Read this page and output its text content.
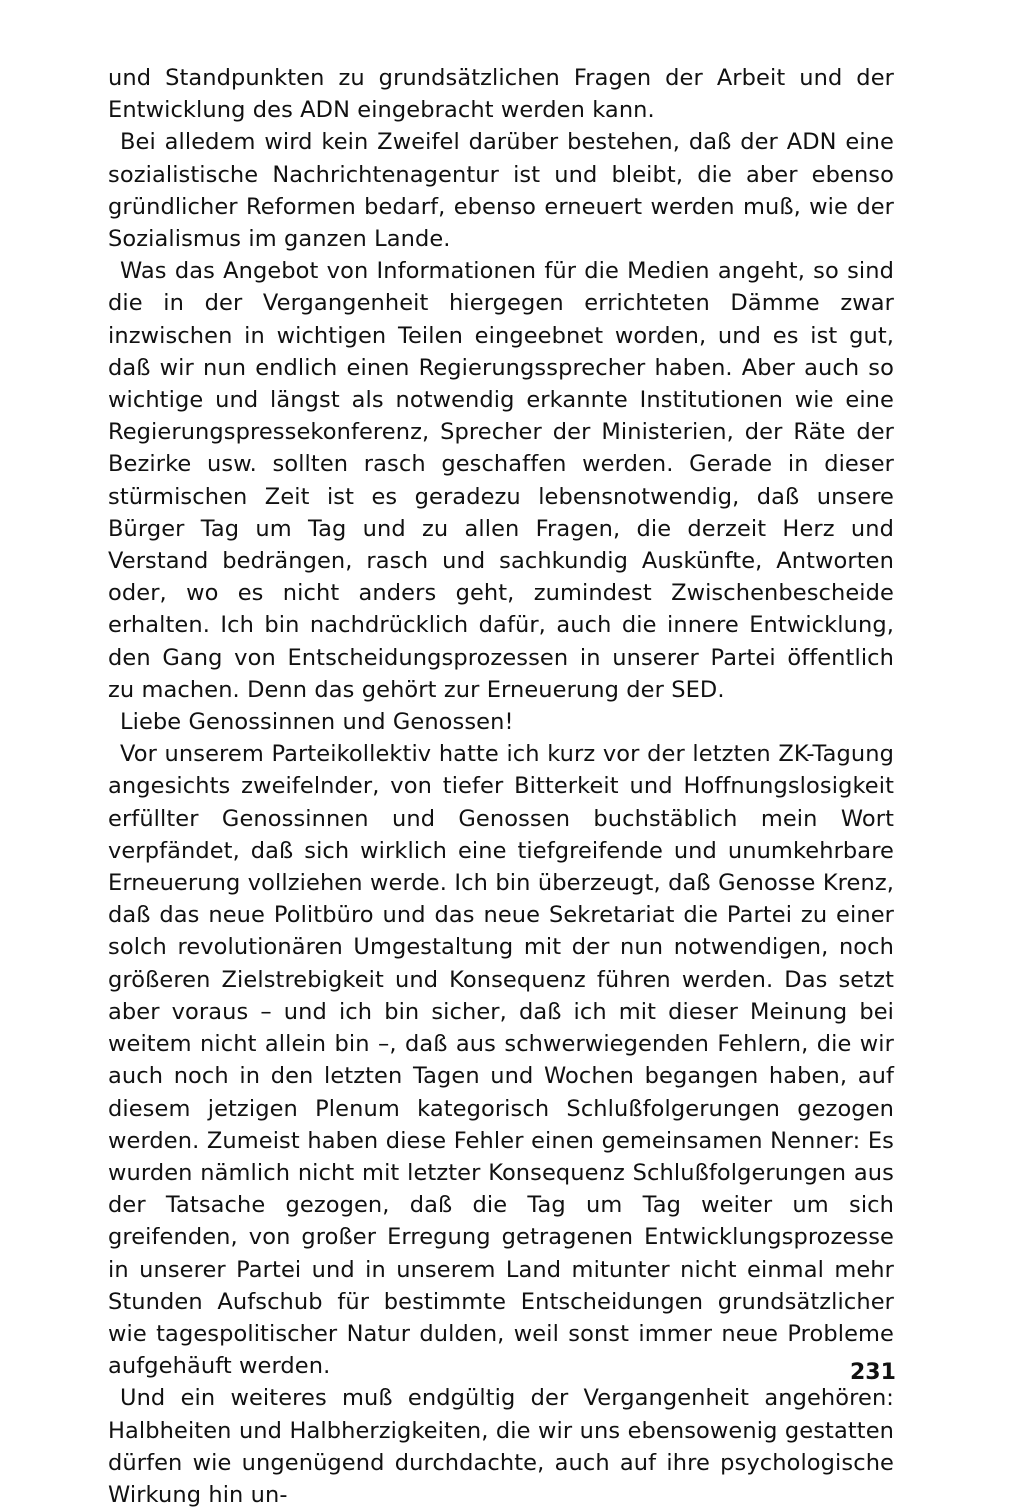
und Standpunkten zu grundsätzlichen Fragen der Arbeit und der Entwicklung des ADN eingebracht werden kann.

Bei alledem wird kein Zweifel darüber bestehen, daß der ADN eine sozialistische Nachrichtenagentur ist und bleibt, die aber ebenso gründlicher Reformen bedarf, ebenso erneuert werden muß, wie der Sozialismus im ganzen Lande.

Was das Angebot von Informationen für die Medien angeht, so sind die in der Vergangenheit hiergegen errichteten Dämme zwar inzwischen in wichtigen Teilen eingeebnet worden, und es ist gut, daß wir nun endlich einen Regierungssprecher haben. Aber auch so wichtige und längst als notwendig erkannte Institutionen wie eine Regierungspressekonferenz, Sprecher der Ministerien, der Räte der Bezirke usw. sollten rasch geschaffen werden. Gerade in dieser stürmischen Zeit ist es geradezu lebensnotwendig, daß unsere Bürger Tag um Tag und zu allen Fragen, die derzeit Herz und Verstand bedrängen, rasch und sachkundig Auskünfte, Antworten oder, wo es nicht anders geht, zumindest Zwischenbescheide erhalten. Ich bin nachdrücklich dafür, auch die innere Entwicklung, den Gang von Entscheidungsprozessen in unserer Partei öffentlich zu machen. Denn das gehört zur Erneuerung der SED.

Liebe Genossinnen und Genossen!

Vor unserem Parteikollektiv hatte ich kurz vor der letzten ZK-Tagung angesichts zweifelnder, von tiefer Bitterkeit und Hoffnungslosigkeit erfüllter Genossinnen und Genossen buchstäblich mein Wort verpfändet, daß sich wirklich eine tiefgreifende und unumkehrbare Erneuerung vollziehen werde. Ich bin überzeugt, daß Genosse Krenz, daß das neue Politbüro und das neue Sekretariat die Partei zu einer solch revolutionären Umgestaltung mit der nun notwendigen, noch größeren Zielstrebigkeit und Konsequenz führen werden. Das setzt aber voraus – und ich bin sicher, daß ich mit dieser Meinung bei weitem nicht allein bin –, daß aus schwerwiegenden Fehlern, die wir auch noch in den letzten Tagen und Wochen begangen haben, auf diesem jetzigen Plenum kategorisch Schlußfolgerungen gezogen werden. Zumeist haben diese Fehler einen gemeinsamen Nenner: Es wurden nämlich nicht mit letzter Konsequenz Schlußfolgerungen aus der Tatsache gezogen, daß die Tag um Tag weiter um sich greifenden, von großer Erregung getragenen Entwicklungsprozesse in unserer Partei und in unserem Land mitunter nicht einmal mehr Stunden Aufschub für bestimmte Entscheidungen grundsätzlicher wie tagespolitischer Natur dulden, weil sonst immer neue Probleme aufgehäuft werden.

Und ein weiteres muß endgültig der Vergangenheit angehören: Halbheiten und Halbherzigkeiten, die wir uns ebensowenig gestatten dürfen wie ungenügend durchdachte, auch auf ihre psychologische Wirkung hin un-

231
